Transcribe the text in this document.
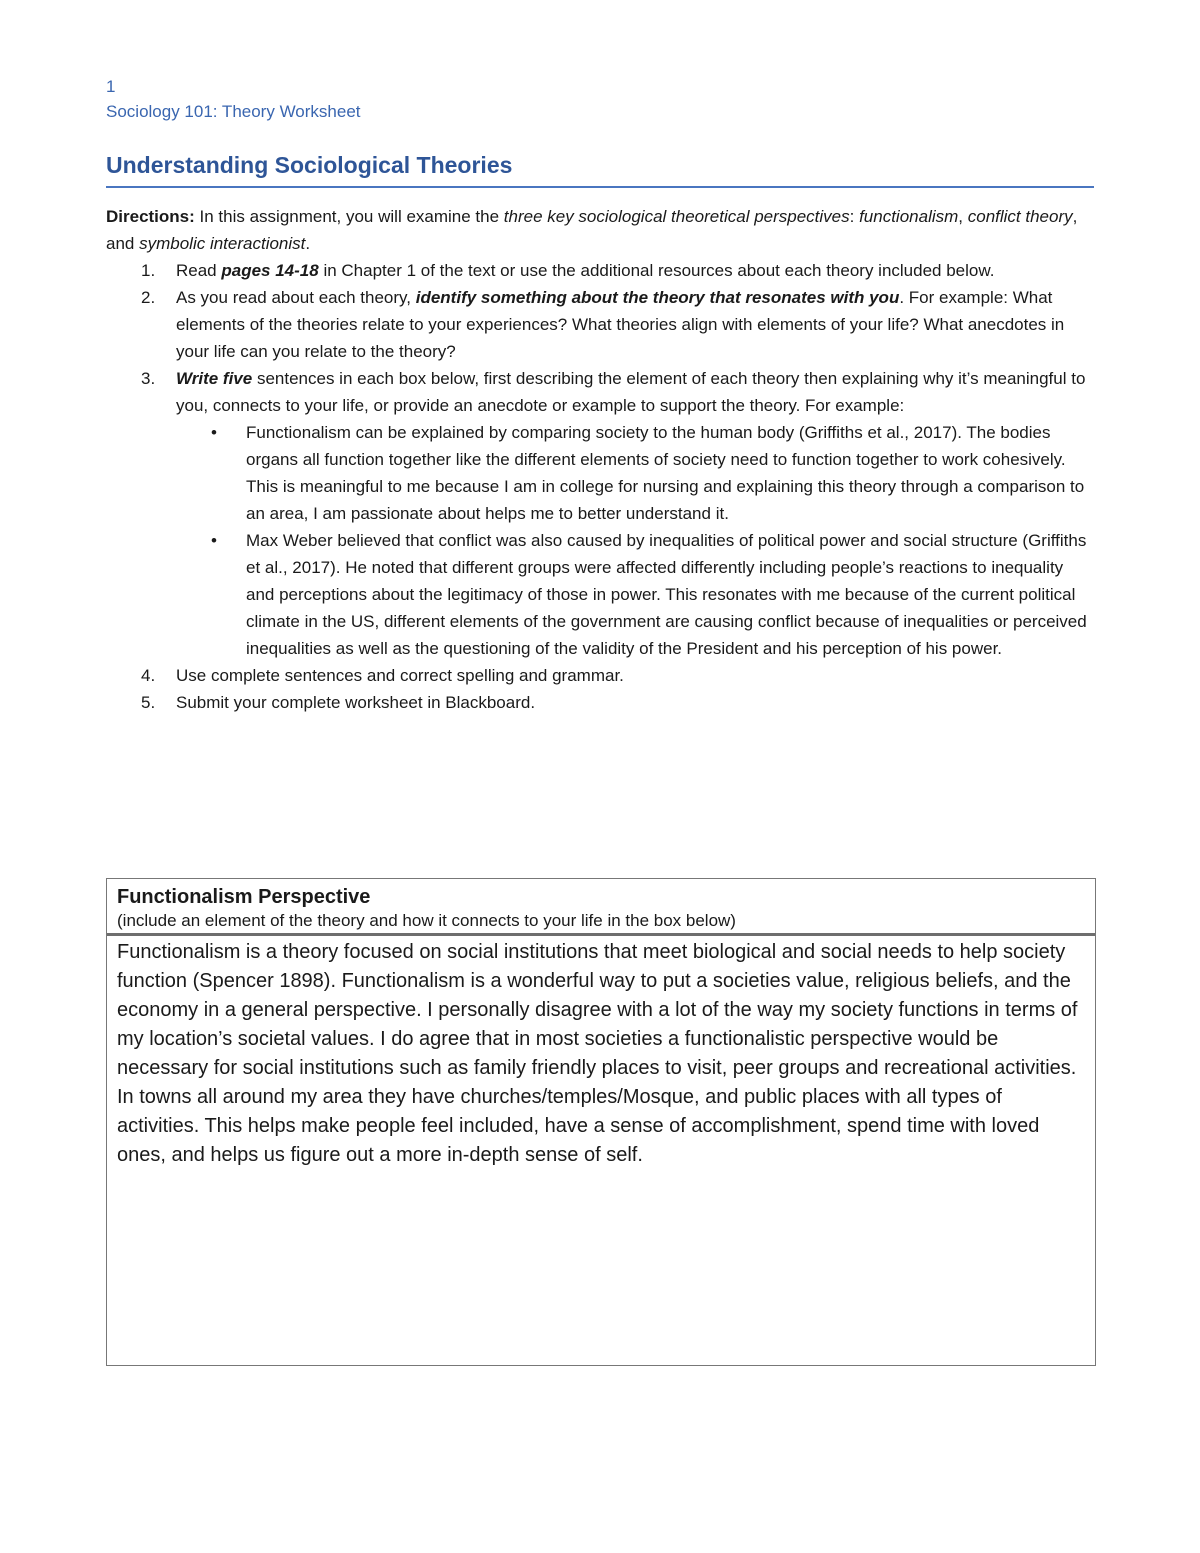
1
Sociology 101: Theory Worksheet
Understanding Sociological Theories

Directions: In this assignment, you will examine the three key sociological theoretical perspectives: functionalism, conflict theory, and symbolic interactionist.

1. Read pages 14-18 in Chapter 1 of the text or use the additional resources about each theory included below.
2. As you read about each theory, identify something about the theory that resonates with you. For example: What elements of the theories relate to your experiences? What theories align with elements of your life? What anecdotes in your life can you relate to the theory?
3. Write five sentences in each box below, first describing the element of each theory then explaining why it’s meaningful to you, connects to your life, or provide an anecdote or example to support the theory. For example:
• Functionalism can be explained by comparing society to the human body (Griffiths et al., 2017). The bodies organs all function together like the different elements of society need to function together to work cohesively. This is meaningful to me because I am in college for nursing and explaining this theory through a comparison to an area, I am passionate about helps me to better understand it.
• Max Weber believed that conflict was also caused by inequalities of political power and social structure (Griffiths et al., 2017). He noted that different groups were affected differently including people’s reactions to inequality and perceptions about the legitimacy of those in power. This resonates with me because of the current political climate in the US, different elements of the government are causing conflict because of inequalities or perceived inequalities as well as the questioning of the validity of the President and his perception of his power.
4. Use complete sentences and correct spelling and grammar.
5. Submit your complete worksheet in Blackboard.
Functionalism Perspective
(include an element of the theory and how it connects to your life in the box below)
Functionalism is a theory focused on social institutions that meet biological and social needs to help society function (Spencer 1898). Functionalism is a wonderful way to put a societies value, religious beliefs, and the economy in a general perspective. I personally disagree with a lot of the way my society functions in terms of my location’s societal values. I do agree that in most societies a functionalistic perspective would be necessary for social institutions such as family friendly places to visit, peer groups and recreational activities. In towns all around my area they have churches/temples/Mosque, and public places with all types of activities. This helps make people feel included, have a sense of accomplishment, spend time with loved ones, and helps us figure out a more in-depth sense of self.
